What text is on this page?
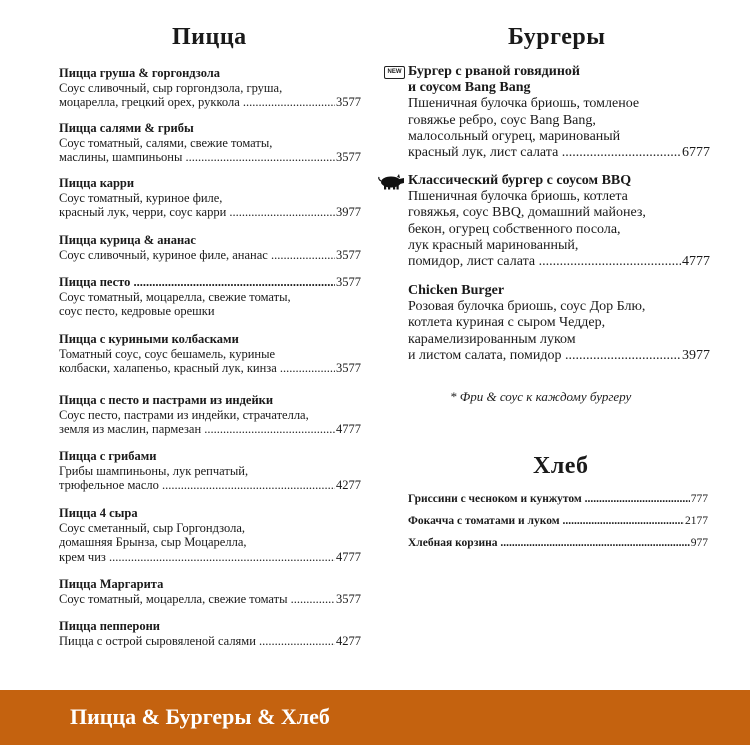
Пицца
Пицца груша & горгондзола
Соус сливочный, сыр горгондзола, груша,
моцарелла, грецкий орех, руккола .....	3577
Пицца салями & грибы
Соус томатный, салями, свежие томаты,
маслины, шампиньоны .....	3577
Пицца карри
Соус томатный, куриное филе,
красный лук, черри, соус карри .....	3977
Пицца курица & ананас
Соус сливочный, куриное филе, ананас .....	3577
Пицца песто .....	3577
Соус томатный, моцарелла, свежие томаты,
соус песто, кедровые орешки
Пицца с куриными колбасками
Томатный соус, соус бешамель, куриные
колбаски, халапеньо, красный лук, кинза .....	3577
Пицца с песто и пастрами из индейки
Соус песто, пастрами из индейки, страчателла,
земля из маслин, пармезан .....	4777
Пицца с грибами
Грибы шампиньоны, лук репчатый,
трюфельное масло .....	4277
Пицца 4 сыра
Соус сметанный, сыр Горгондзола,
домашняя Брынза, сыр Моцарелла,
крем чиз .....	4777
Пицца Маргарита
Соус томатный, моцарелла, свежие томаты .....	3577
Пицца пепперони
Пицца с острой сыровяленой салями .....	4277
Бургеры
Бургер с рваной говядиной
и соусом Bang Bang
Пшеничная булочка бриошь, томленое
говяжье ребро, соус Bang Bang,
малосольный огурец, маринованый
красный лук, лист салата .....	6777
NEW
Классический бургер с соусом BBQ
Пшеничная булочка бриошь, котлета
говяжья, соус BBQ, домашний майонез,
бекон, огурец собственного посола,
лук красный маринованный,
помидор, лист салата .....	4777
Chicken Burger
Розовая булочка бриошь, соус Дор Блю,
котлета куриная с сыром Чеддер,
карамелизированным луком
и листом салата, помидор .....	3977
* Фри & соус к каждому бургеру
Хлеб
Гриссини с чесноком и кунжутом .....	777
Фокачча с томатами и луком .....	2177
Хлебная корзина .....	977
Пицца & Бургеры & Хлеб
